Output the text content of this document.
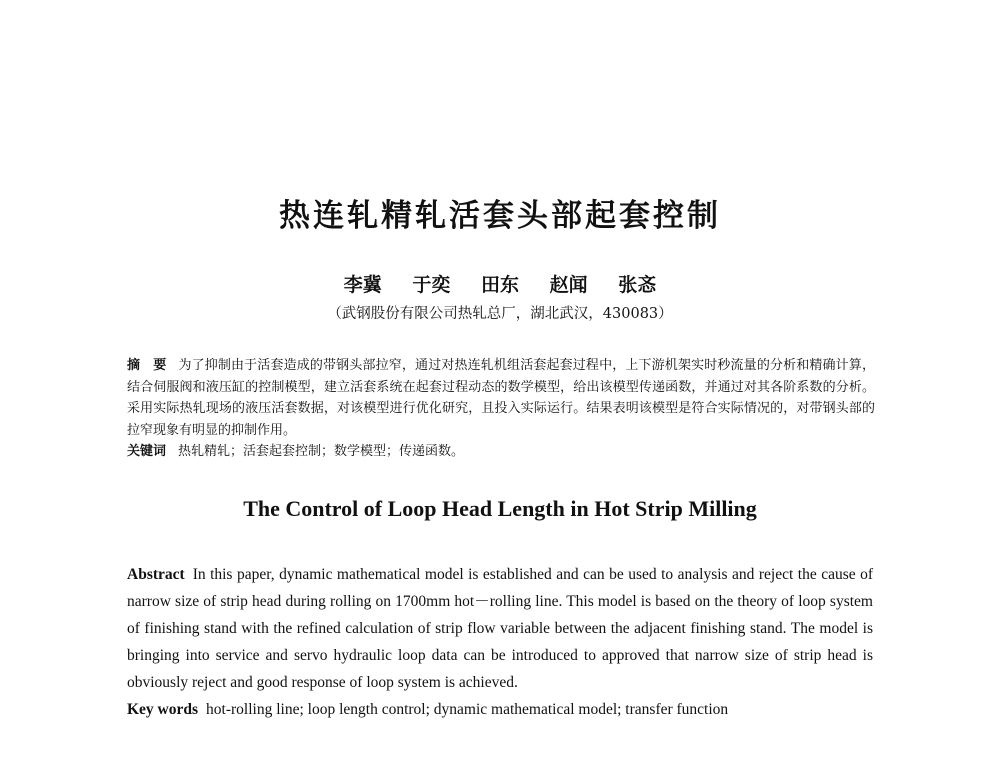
热连轧精轧活套头部起套控制
李冀 于奕 田东 赵闻 张忞
（武钢股份有限公司热轧总厂，湖北武汉，430083）

摘　要 为了抑制由于活套造成的带钢头部拉窄，通过对热连轧机组活套起套过程中，上下游机架实时秒流量的分析和精确计算，结合伺服阀和液压缸的控制模型，建立活套系统在起套过程动态的数学模型，给出该模型传递函数，并通过对其各阶系数的分析。采用实际热轧现场的液压活套数据，对该模型进行优化研究，且投入实际运行。结果表明该模型是符合实际情况的，对带钢头部的拉窄现象有明显的抑制作用。

关键词 热轧精轧；活套起套控制；数学模型；传递函数。

The Control of Loop Head Length in Hot Strip Milling

Abstract In this paper, dynamic mathematical model is established and can be used to analysis and reject the cause of narrow size of strip head during rolling on 1700mm hot－rolling line. This model is based on the theory of loop system of finishing stand with the refined calculation of strip flow variable between the adjacent finishing stand. The model is bringing into service and servo hydraulic loop data can be introduced to approved that narrow size of strip head is obviously reject and good response of loop system is achieved.

Key words hot-rolling line; loop length control; dynamic mathematical model; transfer function
